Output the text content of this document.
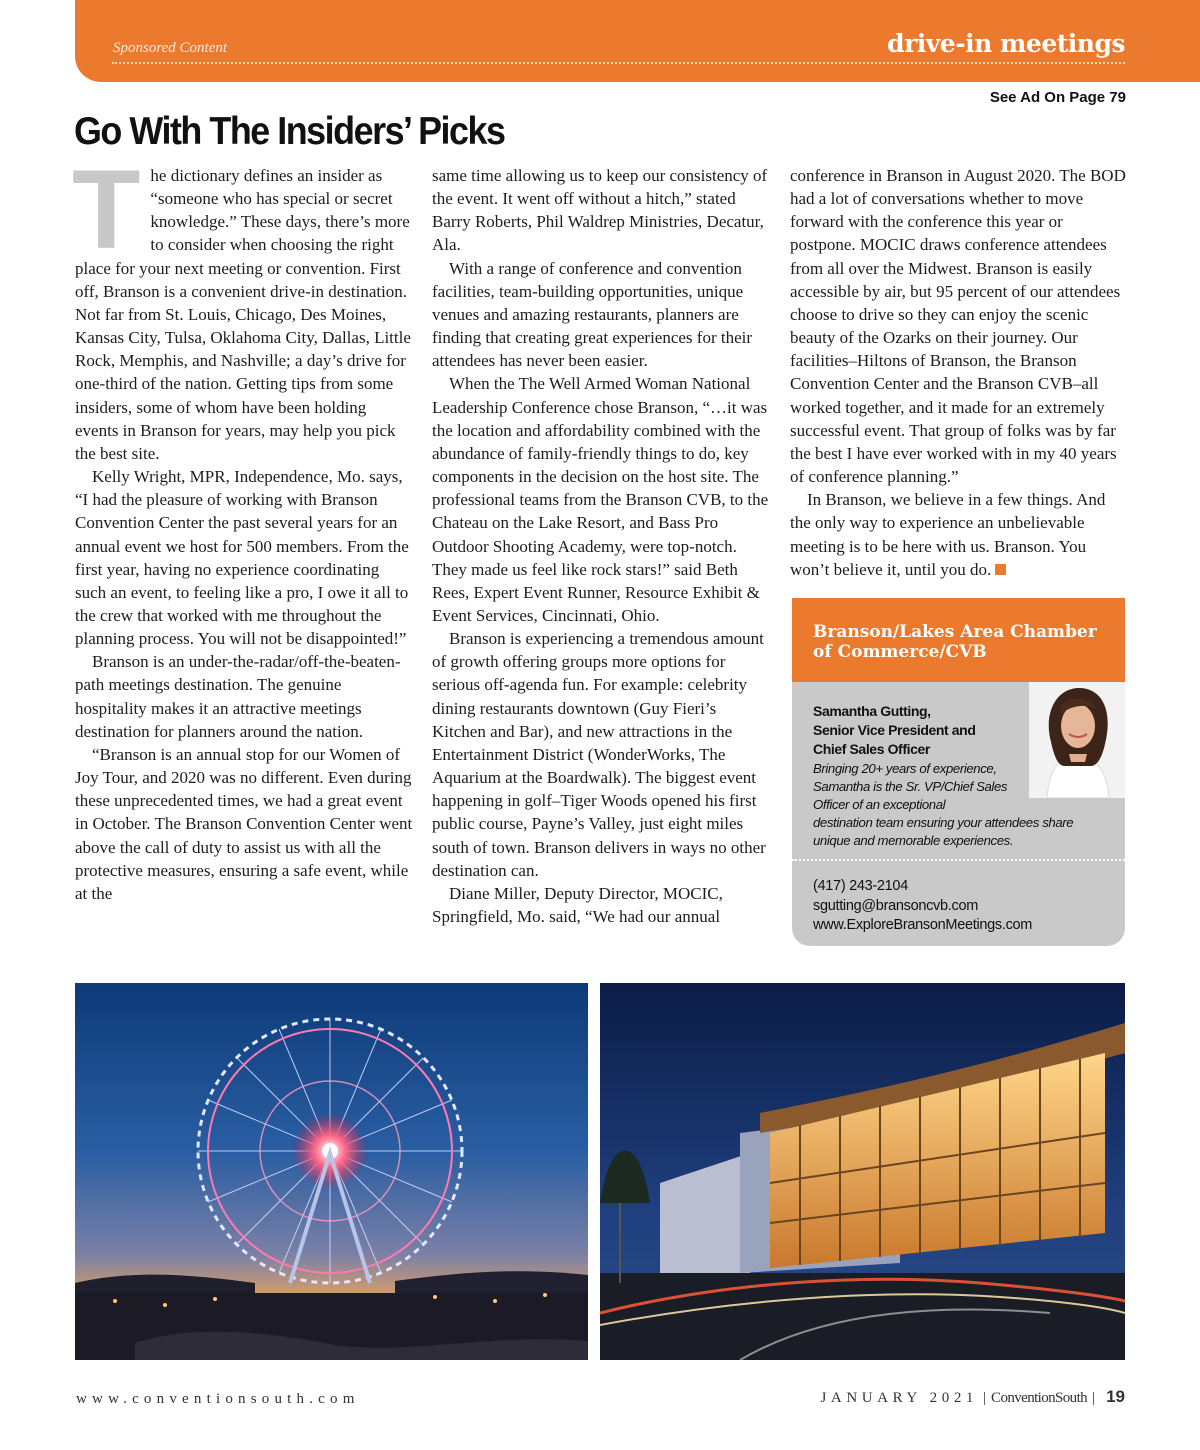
Sponsored Content	drive-in meetings
See Ad On Page 79
Go With The Insiders’ Picks

The dictionary defines an insider as “someone who has special or secret knowledge.” These days, there’s more to consider when choosing the right place for your next meeting or convention. First off, Branson is a convenient drive-in destination. Not far from St. Louis, Chicago, Des Moines, Kansas City, Tulsa, Oklahoma City, Dallas, Little Rock, Memphis, and Nashville; a day’s drive for one-third of the nation. Getting tips from some insiders, some of whom have been holding events in Branson for years, may help you pick the best site.

Kelly Wright, MPR, Independence, Mo. says, “I had the pleasure of working with Branson Convention Center the past several years for an annual event we host for 500 members. From the first year, having no experience coordinating such an event, to feeling like a pro, I owe it all to the crew that worked with me throughout the planning process. You will not be disappointed!”

Branson is an under-the-radar/off-the-beaten-path meetings destination. The genuine hospitality makes it an attractive meetings destination for planners around the nation.

“Branson is an annual stop for our Women of Joy Tour, and 2020 was no different. Even during these unprecedented times, we had a great event in October. The Branson Convention Center went above the call of duty to assist us with all the protective measures, ensuring a safe event, while at the

same time allowing us to keep our consistency of the event. It went off without a hitch,” stated Barry Roberts, Phil Waldrep Ministries, Decatur, Ala.

With a range of conference and convention facilities, team-building opportunities, unique venues and amazing restaurants, planners are finding that creating great experiences for their attendees has never been easier.

When the The Well Armed Woman National Leadership Conference chose Branson, “…it was the location and affordability combined with the abundance of family-friendly things to do, key components in the decision on the host site. The professional teams from the Branson CVB, to the Chateau on the Lake Resort, and Bass Pro Outdoor Shooting Academy, were top-notch. They made us feel like rock stars!” said Beth Rees, Expert Event Runner, Resource Exhibit & Event Services, Cincinnati, Ohio.

Branson is experiencing a tremendous amount of growth offering groups more options for serious off-agenda fun. For example: celebrity dining restaurants downtown (Guy Fieri’s Kitchen and Bar), and new attractions in the Entertainment District (WonderWorks, The Aquarium at the Boardwalk). The biggest event happening in golf–Tiger Woods opened his first public course, Payne’s Valley, just eight miles south of town. Branson delivers in ways no other destination can.

Diane Miller, Deputy Director, MOCIC, Springfield, Mo. said, “We had our annual

conference in Branson in August 2020. The BOD had a lot of conversations whether to move forward with the conference this year or postpone. MOCIC draws conference attendees from all over the Midwest. Branson is easily accessible by air, but 95 percent of our attendees choose to drive so they can enjoy the scenic beauty of the Ozarks on their journey. Our facilities–Hiltons of Branson, the Branson Convention Center and the Branson CVB–all worked together, and it made for an extremely successful event. That group of folks was by far the best I have ever worked with in my 40 years of conference planning.”

In Branson, we believe in a few things. And the only way to experience an unbelievable meeting is to be here with us. Branson. You won’t believe it, until you do.

Branson/Lakes Area Chamber of Commerce/CVB
Samantha Gutting,
Senior Vice President and
Chief Sales Officer
Bringing 20+ years of experience, Samantha is the Sr. VP/Chief Sales Officer of an exceptional
destination team ensuring your attendees share unique and memorable experiences.
(417) 243-2104
sgutting@bransoncvb.com
www.ExploreBransonMeetings.com
www.conventionsouth.com	JANUARY 2021 | ConventionSouth | 19
